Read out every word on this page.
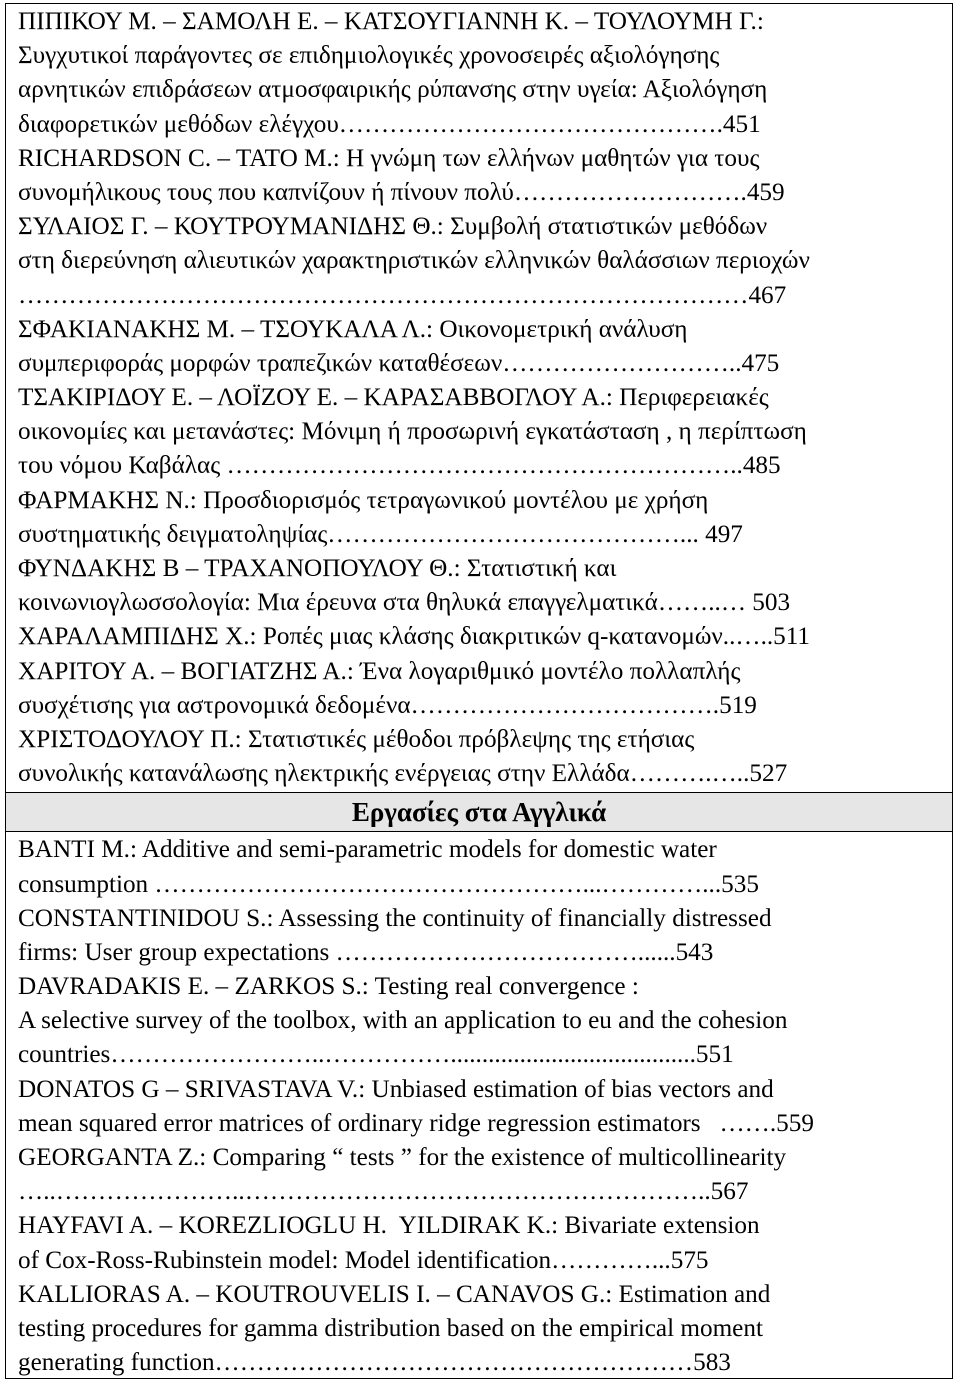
ΠΙΠΙΚΟΥ Μ. – ΣΑΜΟΛΗ Ε. – ΚΑΤΣΟΥΓΙΑΝΝΗ Κ. – ΤΟΥΛΟΥΜΗ Γ.:
Συγχυτικοί παράγοντες σε επιδημιολογικές χρονοσειρές αξιολόγησης
αρνητικών επιδράσεων ατμοσφαιρικής ρύπανσης στην υγεία: Αξιολόγηση
διαφορετικών μεθόδων ελέγχου……………………………………….451
RICHARDSON C. – TATO M.: Η γνώμη των ελλήνων μαθητών για τους
συνομήλικους τους που καπνίζουν ή πίνουν πολύ……………………….459
ΣΥΛΑΙΟΣ Γ. – ΚΟΥΤΡΟΥΜΑΝΙΔΗΣ Θ.: Συμβολή στατιστικών μεθόδων
στη διερεύνηση αλιευτικών χαρακτηριστικών ελληνικών θαλάσσιων περιοχών
……………………………………………………………………………467
ΣΦΑΚΙΑΝΑΚΗΣ Μ. – ΤΣΟΥΚΑΛΑ Λ.: Οικονομετρική ανάλυση
συμπεριφοράς μορφών τραπεζικών καταθέσεων………………………..475
ΤΣΑΚΙΡΙΔΟΥ Ε. – ΛΟΪΖΟΥ Ε. – ΚΑΡΑΣΑΒΒΟΓΛΟΥ Α.: Περιφερειακές
οικονομίες και μετανάστες: Μόνιμη ή προσωρινή εγκατάσταση , η περίπτωση
του νόμου Καβάλας ……………………………………………………..485
ΦΑΡΜΑΚΗΣ Ν.: Προσδιορισμός τετραγωνικού μοντέλου με χρήση
συστηματικής δειγματοληψίας……………………………………... 497
ΦΥΝΔΑΚΗΣ Β – ΤΡΑΧΑΝΟΠΟΥΛΟΥ Θ.: Στατιστική και
κοινωνιογλωσσολογία: Μια έρευνα στα θηλυκά επαγγελματικά……..… 503
ΧΑΡΑΛΑΜΠΙΔΗΣ Χ.: Ροπές μιας κλάσης διακριτικών q-κατανομών..…..511
ΧΑΡΙΤΟΥ Α. – ΒΟΓΙΑΤΖΗΣ Α.: Ένα λογαριθμικό μοντέλο πολλαπλής
συσχέτισης για αστρονομικά δεδομένα……………………………….519
ΧΡΙΣΤΟΔΟΥΛΟΥ Π.: Στατιστικές μέθοδοι πρόβλεψης της ετήσιας
συνολικής κατανάλωσης ηλεκτρικής ενέργειας στην Ελλάδα……….…..527
Εργασίες στα Αγγλικά
BANTI M.: Additive and semi-parametric models for domestic water
consumption ……………………………………………...…………...535
CONSTANTINIDOU S.: Assessing the continuity of financially distressed
firms: User group expectations ………………………………......543
DAVRADAKIS E. – ZARKOS S.: Testing real convergence :
A selective survey of the toolbox, with an application to eu and the cohesion
countries……………………..…………….......................................551
DONATOS G – SRIVASTAVA V.: Unbiased estimation of bias vectors and
mean squared error matrices of ordinary ridge regression estimators   …….559
GEORGANTA Z.: Comparing “ tests ” for the existence of multicollinearity
…..…………………..………………………………………………..567
HAYFAVI A. – KOREZLIOGLU H.  YILDIRAK K.: Bivariate extension
of Cox-Ross-Rubinstein model: Model identification…………...575
KALLIORAS A. – KOUTROUVELIS I. – CANAVOS G.: Estimation and
testing procedures for gamma distribution based on the empirical moment
generating function…………………………………………………583
